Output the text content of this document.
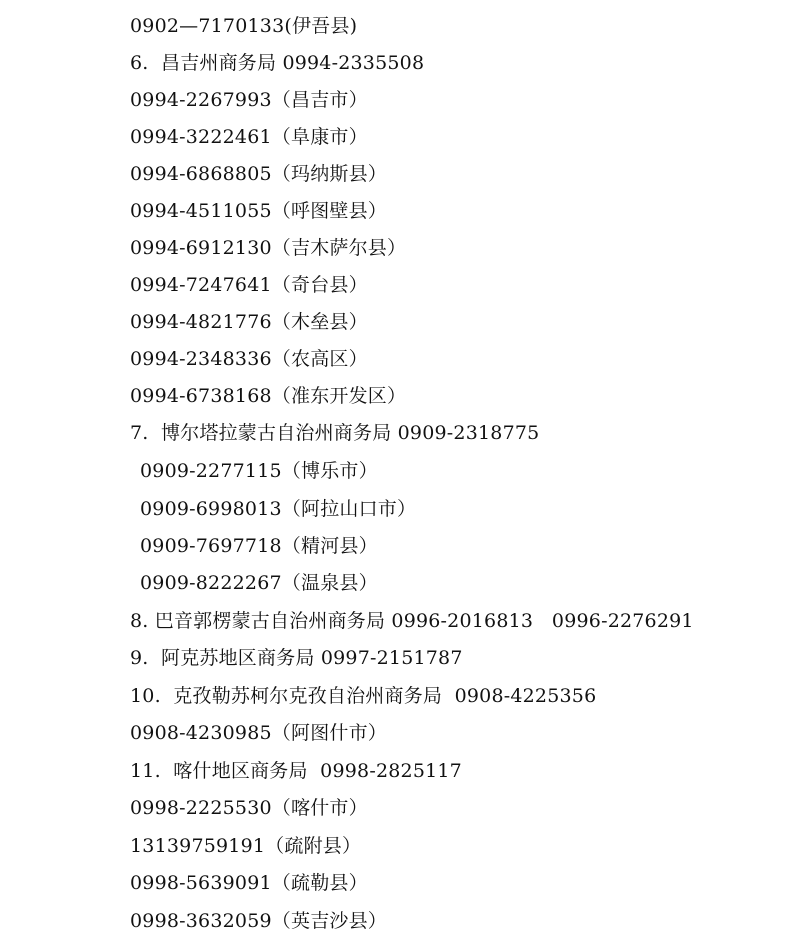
0902—7170133(伊吾县)
6.  昌吉州商务局 0994-2335508
0994-2267993（昌吉市）
0994-3222461（阜康市）
0994-6868805（玛纳斯县）
0994-4511055（呼图壁县）
0994-6912130（吉木萨尔县）
0994-7247641（奇台县）
0994-4821776（木垒县）
0994-2348336（农高区）
0994-6738168（准东开发区）
7.  博尔塔拉蒙古自治州商务局 0909-2318775
0909-2277115（博乐市）
0909-6998013（阿拉山口市）
0909-7697718（精河县）
0909-8222267（温泉县）
8. 巴音郭楞蒙古自治州商务局 0996-2016813   0996-2276291
9.  阿克苏地区商务局 0997-2151787
10.  克孜勒苏柯尔克孜自治州商务局  0908-4225356
0908-4230985（阿图什市）
11.  喀什地区商务局  0998-2825117
0998-2225530（喀什市）
13139759191（疏附县）
0998-5639091（疏勒县）
0998-3632059（英吉沙县）
